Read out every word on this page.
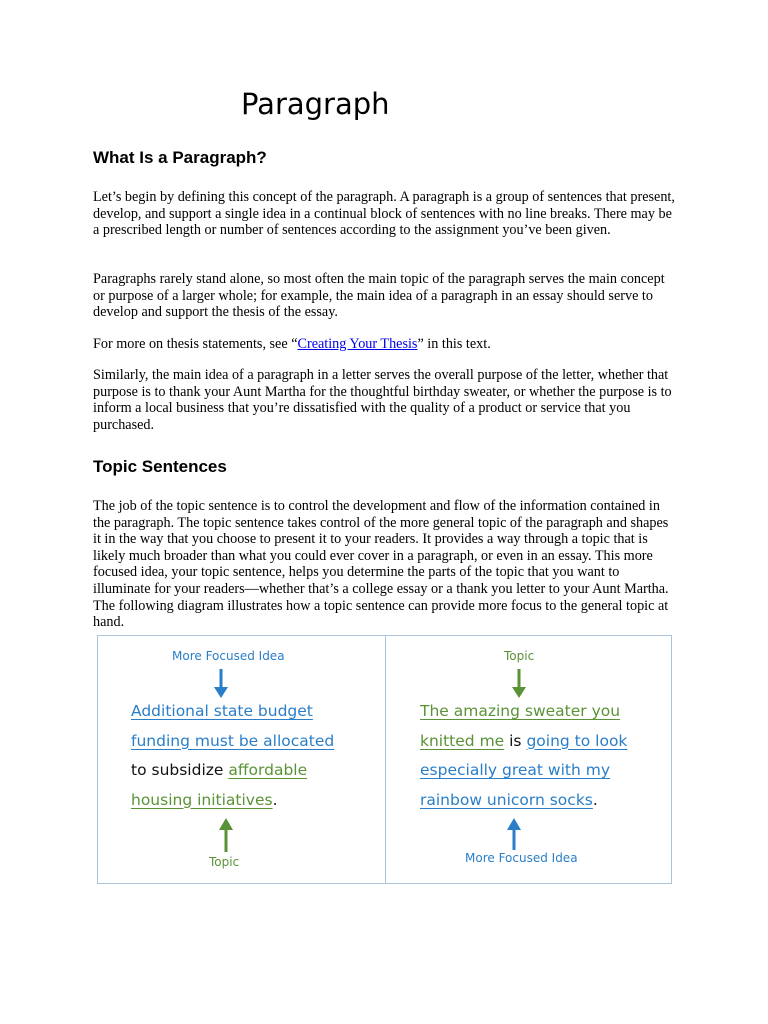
Paragraph
What Is a Paragraph?

Let’s begin by defining this concept of the paragraph. A paragraph is a group of sentences that present, develop, and support a single idea in a continual block of sentences with no line breaks. There may be a prescribed length or number of sentences according to the assignment you’ve been given.

Paragraphs rarely stand alone, so most often the main topic of the paragraph serves the main concept or purpose of a larger whole; for example, the main idea of a paragraph in an essay should serve to develop and support the thesis of the essay.

For more on thesis statements, see “Creating Your Thesis” in this text.

Similarly, the main idea of a paragraph in a letter serves the overall purpose of the letter, whether that purpose is to thank your Aunt Martha for the thoughtful birthday sweater, or whether the purpose is to inform a local business that you’re dissatisfied with the quality of a product or service that you purchased.

Topic Sentences

The job of the topic sentence is to control the development and flow of the information contained in the paragraph. The topic sentence takes control of the more general topic of the paragraph and shapes it in the way that you choose to present it to your readers. It provides a way through a topic that is likely much broader than what you could ever cover in a paragraph, or even in an essay. This more focused idea, your topic sentence, helps you determine the parts of the topic that you want to illuminate for your readers—whether that’s a college essay or a thank you letter to your Aunt Martha. The following diagram illustrates how a topic sentence can provide more focus to the general topic at hand.

More Focused Idea
Additional state budget
funding must be allocated
to subsidize affordable
housing initiatives.
Topic
Topic
The amazing sweater you
knitted me is going to look
especially great with my
rainbow unicorn socks.
More Focused Idea
